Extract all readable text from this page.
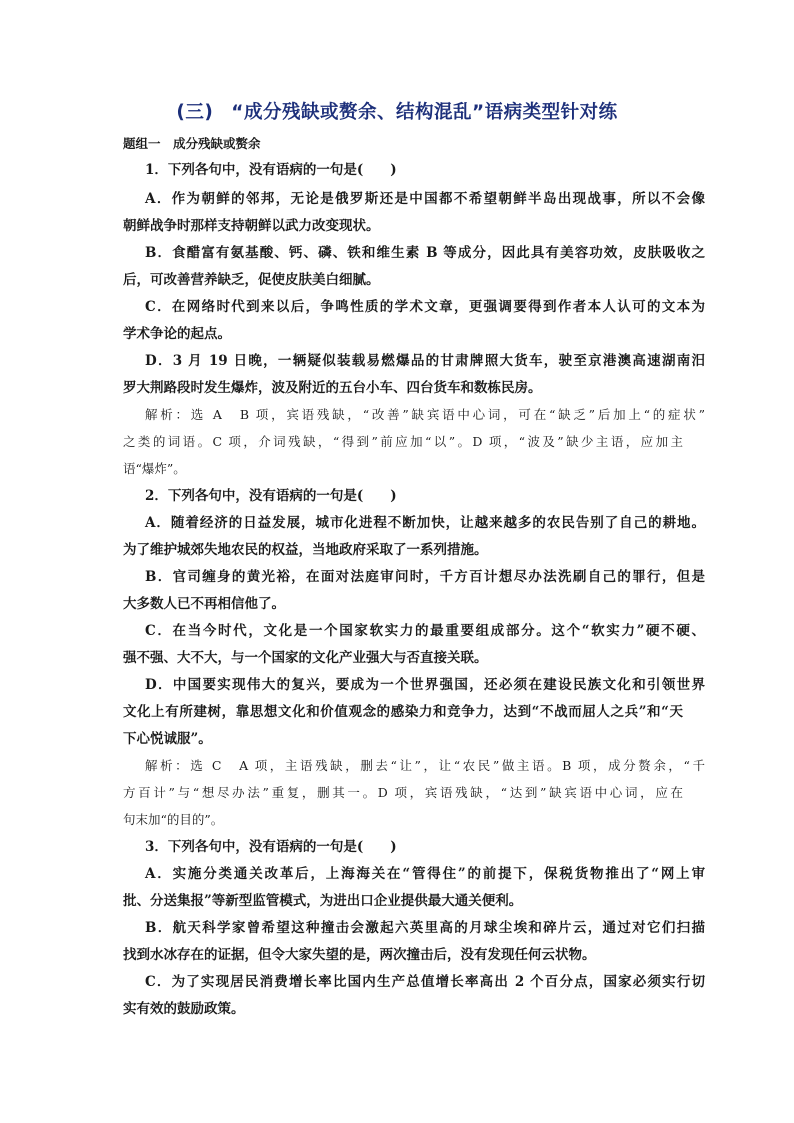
(三) “成分残缺或赘余、结构混乱”语病类型针对练
题组一　成分残缺或赘余
1．下列各句中，没有语病的一句是(　　)
A．作为朝鲜的邻邦，无论是俄罗斯还是中国都不希望朝鲜半岛出现战事，所以不会像
朝鲜战争时那样支持朝鲜以武力改变现状。
B．食醋富有氨基酸、钙、磷、铁和维生素 B 等成分，因此具有美容功效，皮肤吸收之
后，可改善营养缺乏，促使皮肤美白细腻。
C．在网络时代到来以后，争鸣性质的学术文章，更强调要得到作者本人认可的文本为
学术争论的起点。
D．3 月 19 日晚，一辆疑似装载易燃爆品的甘肃牌照大货车，驶至京港澳高速湖南汨
罗大荆路段时发生爆炸，波及附近的五台小车、四台货车和数栋民房。
解析：选 A　B 项，宾语残缺，“改善”缺宾语中心词，可在“缺乏”后加上“的症状”
之类的词语。C 项，介词残缺，“得到”前应加“以”。D 项，“波及”缺少主语，应加主
语“爆炸”。
2．下列各句中，没有语病的一句是(　　)
A．随着经济的日益发展，城市化进程不断加快，让越来越多的农民告别了自己的耕地。
为了维护城郊失地农民的权益，当地政府采取了一系列措施。
B．官司缠身的黄光裕，在面对法庭审问时，千方百计想尽办法洗刷自己的罪行，但是
大多数人已不再相信他了。
C．在当今时代，文化是一个国家软实力的最重要组成部分。这个“软实力”硬不硬、
强不强、大不大，与一个国家的文化产业强大与否直接关联。
D．中国要实现伟大的复兴，要成为一个世界强国，还必须在建设民族文化和引领世界
文化上有所建树，靠思想文化和价值观念的感染力和竞争力，达到“不战而屈人之兵”和“天
下心悦诚服”。
解析：选 C　A 项，主语残缺，删去“让”，让“农民”做主语。B 项，成分赘余，“千
方百计”与“想尽办法”重复，删其一。D 项，宾语残缺，“达到”缺宾语中心词，应在
句末加“的目的”。
3．下列各句中，没有语病的一句是(　　)
A．实施分类通关改革后，上海海关在“管得住”的前提下，保税货物推出了“网上审
批、分送集报”等新型监管模式，为进出口企业提供最大通关便利。
B．航天科学家曾希望这种撞击会激起六英里高的月球尘埃和碎片云，通过对它们扫描
找到水冰存在的证据，但令大家失望的是，两次撞击后，没有发现任何云状物。
C．为了实现居民消费增长率比国内生产总值增长率高出 2 个百分点，国家必须实行切
实有效的鼓励政策。
